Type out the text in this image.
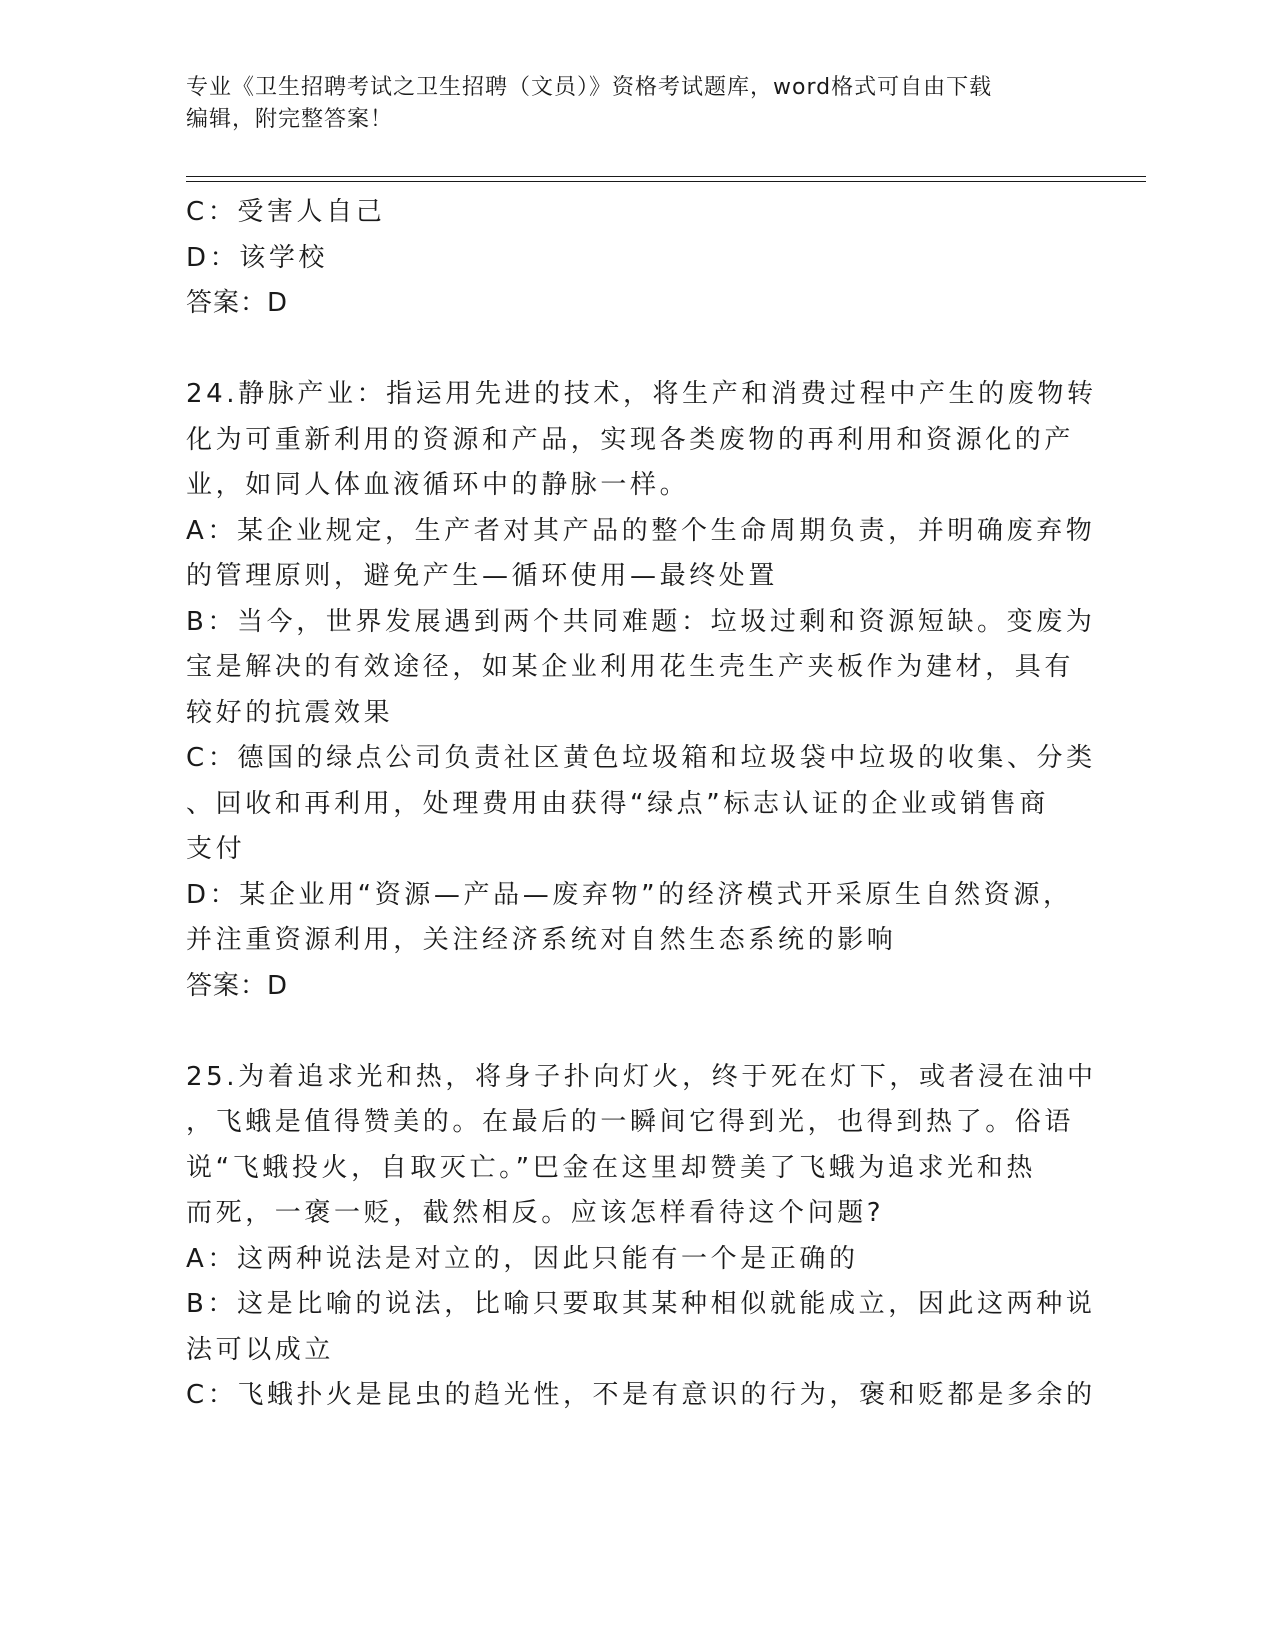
专业《卫生招聘考试之卫生招聘（文员）》资格考试题库，word格式可自由下载
编辑，附完整答案！

C：受害人自己

D：该学校

答案：D

24.静脉产业：指运用先进的技术，将生产和消费过程中产生的废物转

化为可重新利用的资源和产品，实现各类废物的再利用和资源化的产

业，如同人体血液循环中的静脉一样。

A：某企业规定，生产者对其产品的整个生命周期负责，并明确废弃物

的管理原则，避免产生—循环使用—最终处置

B：当今，世界发展遇到两个共同难题：垃圾过剩和资源短缺。变废为

宝是解决的有效途径，如某企业利用花生壳生产夹板作为建材，具有

较好的抗震效果

C：德国的绿点公司负责社区黄色垃圾箱和垃圾袋中垃圾的收集、分类

、回收和再利用，处理费用由获得“绿点”标志认证的企业或销售商

支付

D：某企业用“资源—产品—废弃物”的经济模式开采原生自然资源，

并注重资源利用，关注经济系统对自然生态系统的影响

答案：D

25.为着追求光和热，将身子扑向灯火，终于死在灯下，或者浸在油中

，飞蛾是值得赞美的。在最后的一瞬间它得到光，也得到热了。俗语

说“飞蛾投火，自取灭亡。”巴金在这里却赞美了飞蛾为追求光和热

而死，一褒一贬，截然相反。应该怎样看待这个问题?

A：这两种说法是对立的，因此只能有一个是正确的

B：这是比喻的说法，比喻只要取其某种相似就能成立，因此这两种说

法可以成立

C：飞蛾扑火是昆虫的趋光性，不是有意识的行为，褒和贬都是多余的
